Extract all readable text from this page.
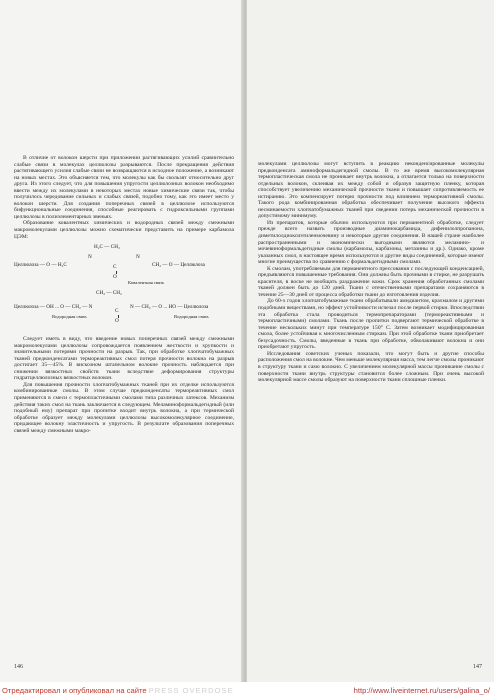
В отличие от волокон шерсти при приложении растягивающих усилий сравнительно слабые связи в молекулах целлюлозы разрываются. После прекращения действия растягивающего усилия слабые связи не возвращаются в исходное положение, а возникают на новых местах. Это объясняется тем, что молекулы как бы скользят относительно друг друга. Из этого следует, что для повышения упругости целлюлозных волокон необходимо ввести между их молекулами в некоторых местах новые химические связи так, чтобы получилось чередование сильных и слабых связей, подобно тому, как это имеет место у волокон шерсти. Для создания поперечных связей в целлюлозе используются бифункциональные соединения, способные реагировать с гидроксильными группами целлюлозы в полиэлементарных звеньях.

Образование ковалентных химических и водородных связей между смежными макромолекулами целлюлозы можно схематически представить на примере карбамола ЦЭМ:

H₂C — CH₂
N	N
Целлюлоза — O — H₂C	CH₂ — O — Целлюлоза
C
O
Ковалентная связь
CH₂ — CH₂
Целлюлоза — OH ... O — CH₂ — N	N — CH₂ — O ... HO — Целлюлоза
C
O
Водородная связь	Водородная связь

Следует иметь в виду, что введение новых поперечных связей между смежными макромолекулами целлюлозы сопровождается появлением жесткости и хрупкости и значительными потерями прочности на разрыв. Так, при обработке хлопчатобумажных тканей предконденсатами термореактивных смол потеря прочности волокна на разрыв достигает 35—45%. В вискозном штапельном волокне прочность наблюдается при снижении вязкостных свойств ткани вследствие деформирования структуры гидратцеллюлозных вязкостных волокон.

Для повышения прочности хлопчатобумажных тканей при их отделке используются комбинированные смолы. В этом случае предконденсаты термореактивных смол применяются в смеси с термопластичными смолами типа различных латексов. Механизм действия таких смол на ткань заключается в следующем. Меламиноформальдегидный (или подобный ему) препарат при пропитке входит внутрь волокна, а при термической обработке образует между молекулами целлюлозы высокомолекулярное соединение, придающее волокну эластичность и упругость. В результате образования поперечных связей между смежными макро-

146

молекулами целлюлозы могут вступить в реакцию неконденсированные молекулы предконденсата аминоформальдегидной смолы. В то же время высокомолекулярная термопластическая смола не проникает внутрь волокна, а отлагается только на поверхности отдельных волокон, склеивая их между собой и образуя защитную пленку, которая способствует увеличению механической прочности ткани и повышает сопротивляемость ее истиранию. Это компенсирует потерю прочности под влиянием термореактивной смолы. Такого рода комбинированная обработка обеспечивает получение высокого эффекта несминаемости хлопчатобумажных тканей при сведении потерь механической прочности в допустимому минимуму.

Из препаратов, которые обычно используются при перманентной обработке, следует прежде всего назвать производные диаминокарбамида, дифенилолпропанона, диметилолдиоксиэтиленмочевину и некоторые другие соединения. В нашей стране наиболее распространенными и экономически выгодными являются меламино- и мочевиноформальдегидные смолы (карбамолы, карбазоны, метазины и др.). Однако, кроме указанных смол, в настоящее время используются и другие виды соединений, которые имеют многие преимущества по сравнению с формальдегидными смолами.

К смолам, употребляемым для перманентного прессования с последующей конденсацией, предъявляются повышенные требования. Они должны быть прочными в стирке, не разрушать красителя, в воске не вообщать раздражение кожи. Срок хранения обработанных смолами тканей должен быть до 120 дней. Ткани с отечественными препаратами сохраняются в течение 25—30 дней от процесса обработки ткани до изготовления изделия.

До 60-х годов хлопчатобумажные ткани обрабатывали амидиантом, крахмалом и другими подобными веществами, но эффект устойчивости исчезал после первой стирки. Впоследствии эта обработка стала проводиться термопрепараторами (термореактивными и термопластичными) смолами. Ткань после пропитки подвергают термической обработке в течение нескольких минут при температуре 150° С. Затем возникает модифицированная смола, более устойчивая к многочисленным стиркам. При этой обработке ткани приобретает безусадочность. Смолы, введенные в ткань при обработке, обволакивают волокна и они приобретают упругость.

Исследования советских ученых показали, что могут быть и другие способы расположения смол на волокне. Чем меньше молекулярная масса, тем легче смолы проникают в структуру ткани и само волокно. С увеличением молекулярной массы проникание смолы с поверхности ткани внутрь структуры становится более сложным. При очень высокой молекулярной массе смолы образуют на поверхности ткани сплошные пленки.

147
Отредактировал и опубликовал на сайте PRESS OVERDOSE	http://www.liveinternet.ru/users/galina_o/
